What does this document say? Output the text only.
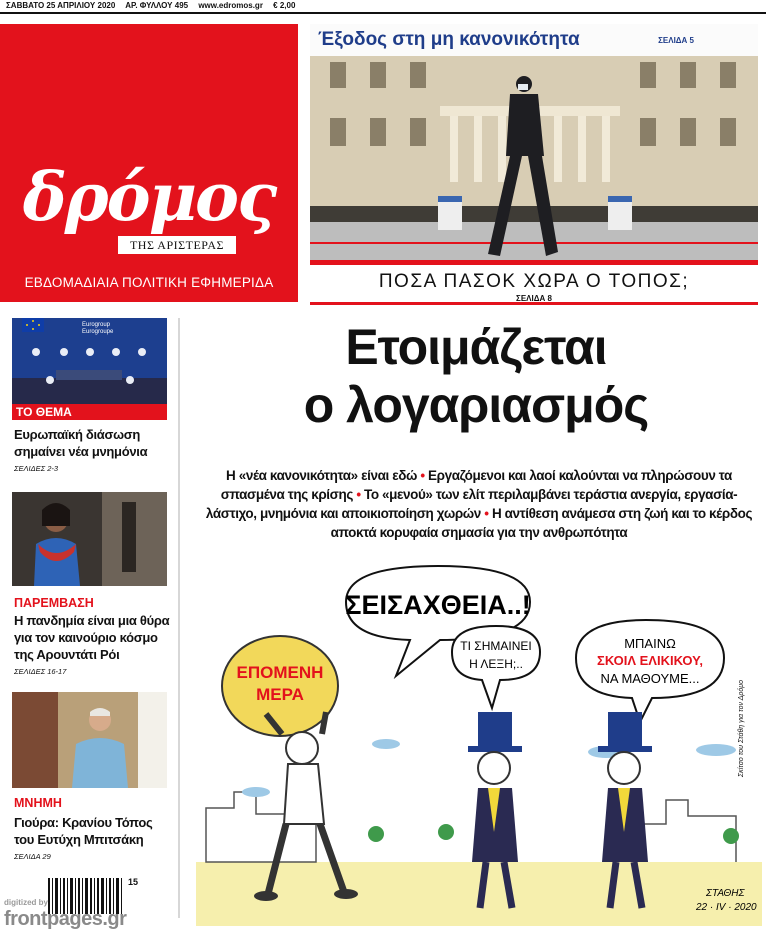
ΣΑΒΒΑΤΟ 25 ΑΠΡΙΛΙΟΥ 2020 ΑΡ. ΦΥΛΛΟΥ 495 www.edromos.gr € 2,00
δρόμος
ΤΗΣ ΑΡΙΣΤΕΡΑΣ
ΕΒΔΟΜΑΔΙΑΙΑ ΠΟΛΙΤΙΚΗ ΕΦΗΜΕΡΙΔΑ
Έξοδος στη μη κανονικότητα	ΣΕΛΙΔΑ 5
ΠΟΣΑ ΠΑΣΟΚ ΧΩΡΑ Ο ΤΟΠΟΣ;
ΣΕΛΙΔΑ 8
Eurogroup
Eurogroupe
ΤΟ ΘΕΜΑ
Ευρωπαϊκή διάσωση
σημαίνει νέα μνημόνια
ΣΕΛΙΔΕΣ 2-3
ΠΑΡΕΜΒΑΣΗ
Η πανδημία είναι μια θύρα
για τον καινούριο κόσμο
της Αρουντάτι Ρόι
ΣΕΛΙΔΕΣ 16-17
ΜΝΗΜΗ
Γιούρα: Κρανίου Τόπος
του Ευτύχη Μπιτσάκη
ΣΕΛΙΔΑ 29
Ετοιμάζεται
ο λογαριασμός
Η «νέα κανονικότητα» είναι εδώ • Εργαζόμενοι και λαοί καλούνται να πληρώσουν τα σπασμένα της κρίσης • Το «μενού» των ελίτ περιλαμβάνει τεράστια ανεργία, εργασία-λάστιχο, μνημόνια και αποικιοποίηση χωρών • Η αντίθεση ανάμεσα στη ζωή και το κέρδος αποκτά κορυφαία σημασία για την ανθρωπότητα
ΣΕΙΣΑΧΘΕΙΑ..!
ΕΠΟΜΕΝΗ
ΜΕΡΑ
ΤΙ ΣΗΜΑΙΝΕΙ
Η ΛΕΞΗ;..
ΜΠΑΙΝΩ
ΣΚΟΙΛ ΕΛΙΚΙΚΟΥ,
ΝΑ ΜΑΘΟΥΜΕ...
ΣΤΑΘΗΣ
22 · IV · 2020
Σκίτσο του Στάθη για τον Δρόμο
15
digitized by
frontpages.gr
